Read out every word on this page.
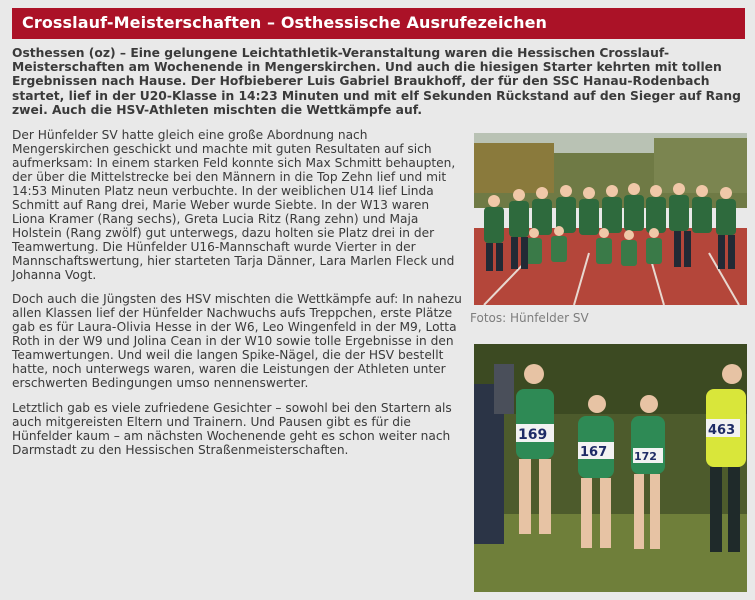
Crosslauf-Meisterschaften – Osthessische Ausrufezeichen

Osthessen (oz) – Eine gelungene Leichtathletik-Veranstaltung waren die Hessischen Crosslauf-Meisterschaften am Wochenende in Mengerskirchen. Und auch die hiesigen Starter kehrten mit tollen Ergebnissen nach Hause. Der Hofbieberer Luis Gabriel Braukhoff, der für den SSC Hanau-Rodenbach startet, lief in der U20-Klasse in 14:23 Minuten und mit elf Sekunden Rückstand auf den Sieger auf Rang zwei. Auch die HSV-Athleten mischten die Wettkämpfe auf.

Der Hünfelder SV hatte gleich eine große Abordnung nach Mengerskirchen geschickt und machte mit guten Resultaten auf sich aufmerksam: In einem starken Feld konnte sich Max Schmitt behaupten, der über die Mittelstrecke bei den Männern in die Top Zehn lief und mit 14:53 Minuten Platz neun verbuchte. In der weiblichen U14 lief Linda Schmitt auf Rang drei, Marie Weber wurde Siebte. In der W13 waren Liona Kramer (Rang sechs), Greta Lucia Ritz (Rang zehn) und Maja Holstein (Rang zwölf) gut unterwegs, dazu holten sie Platz drei in der Teamwertung. Die Hünfelder U16-Mannschaft wurde Vierter in der Mannschaftswertung, hier starteten Tarja Dänner, Lara Marlen Fleck und Johanna Vogt.

Doch auch die Jüngsten des HSV mischten die Wettkämpfe auf: In nahezu allen Klassen lief der Hünfelder Nachwuchs aufs Treppchen, erste Plätze gab es für Laura-Olivia Hesse in der W6, Leo Wingenfeld in der M9, Lotta Roth in der W9 und Jolina Cean in der W10 sowie tolle Ergebnisse in den Teamwertungen. Und weil die langen Spike-Nägel, die der HSV bestellt hatte, noch unterwegs waren, waren die Leistungen der Athleten unter erschwerten Bedingungen umso nennenswerter.

Letztlich gab es viele zufriedene Gesichter – sowohl bei den Startern als auch mitgereisten Eltern und Trainern. Und Pausen gibt es für die Hünfelder kaum – am nächsten Wochenende geht es schon weiter nach Darmstadt zu den Hessischen Straßenmeisterschaften.

Fotos: Hünfelder SV

169
167 172
463
